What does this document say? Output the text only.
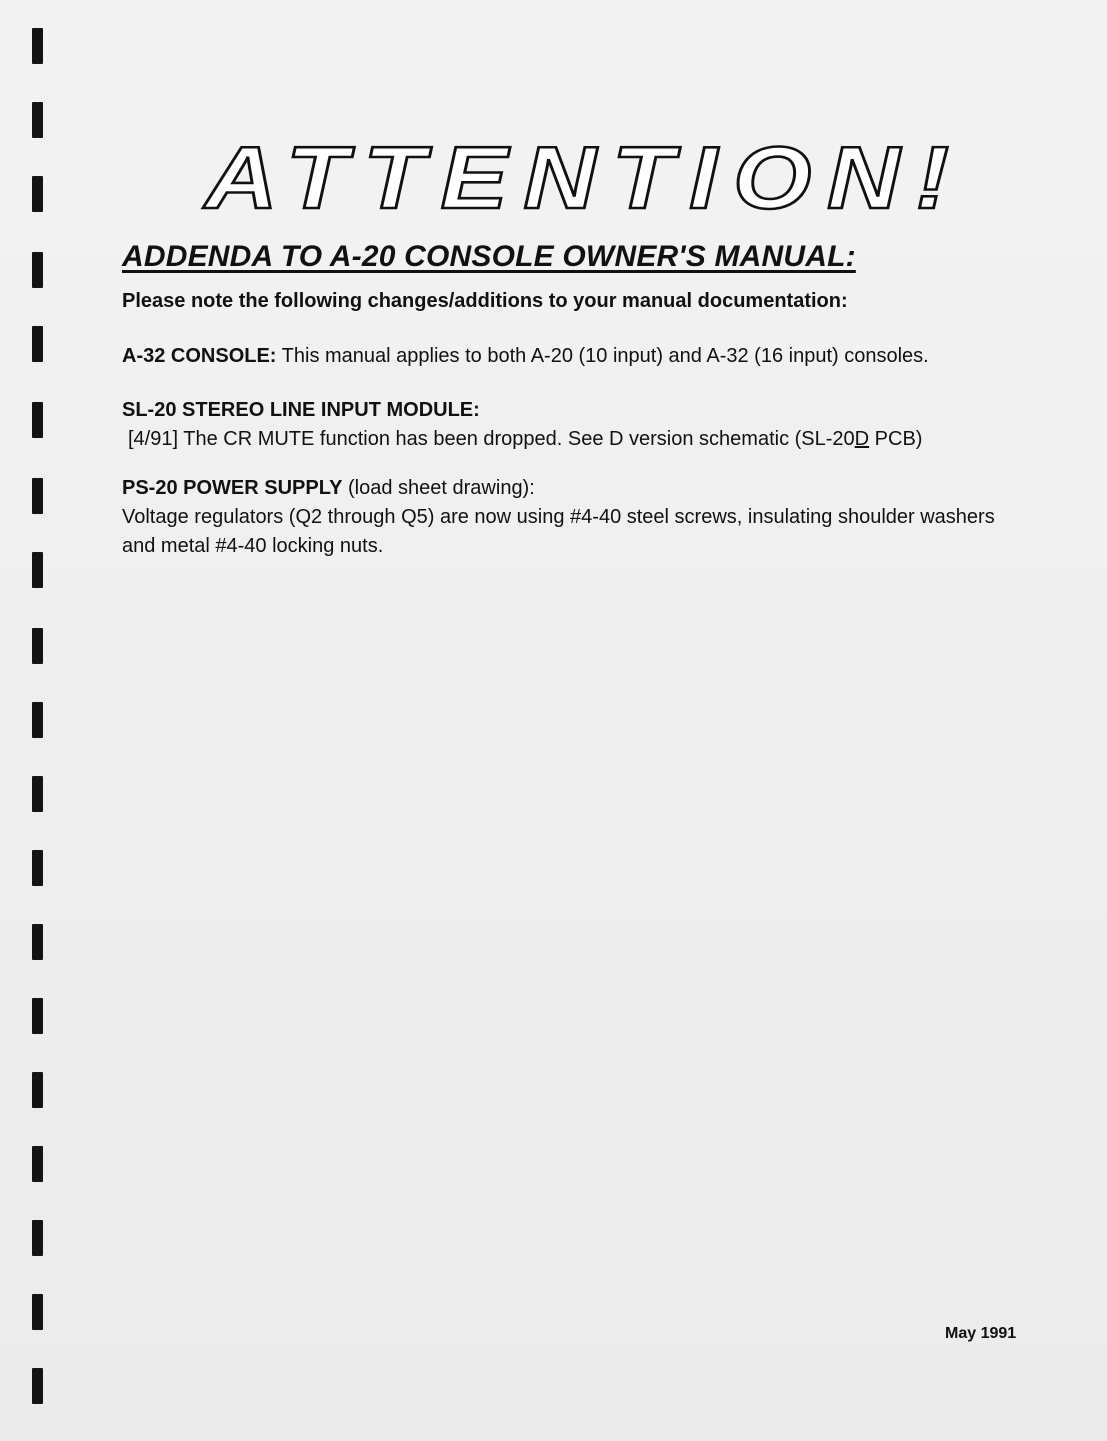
ATTENTION!
ADDENDA TO A-20 CONSOLE OWNER'S MANUAL:
Please note the following changes/additions to your manual documentation:
A-32 CONSOLE: This manual applies to both A-20 (10 input) and A-32 (16 input) consoles.
SL-20 STEREO LINE INPUT MODULE:
[4/91] The CR MUTE function has been dropped. See D version schematic (SL-20D PCB)
PS-20 POWER SUPPLY (load sheet drawing):
Voltage regulators (Q2 through Q5) are now using #4-40 steel screws, insulating shoulder washers and metal #4-40 locking nuts.
May 1991
